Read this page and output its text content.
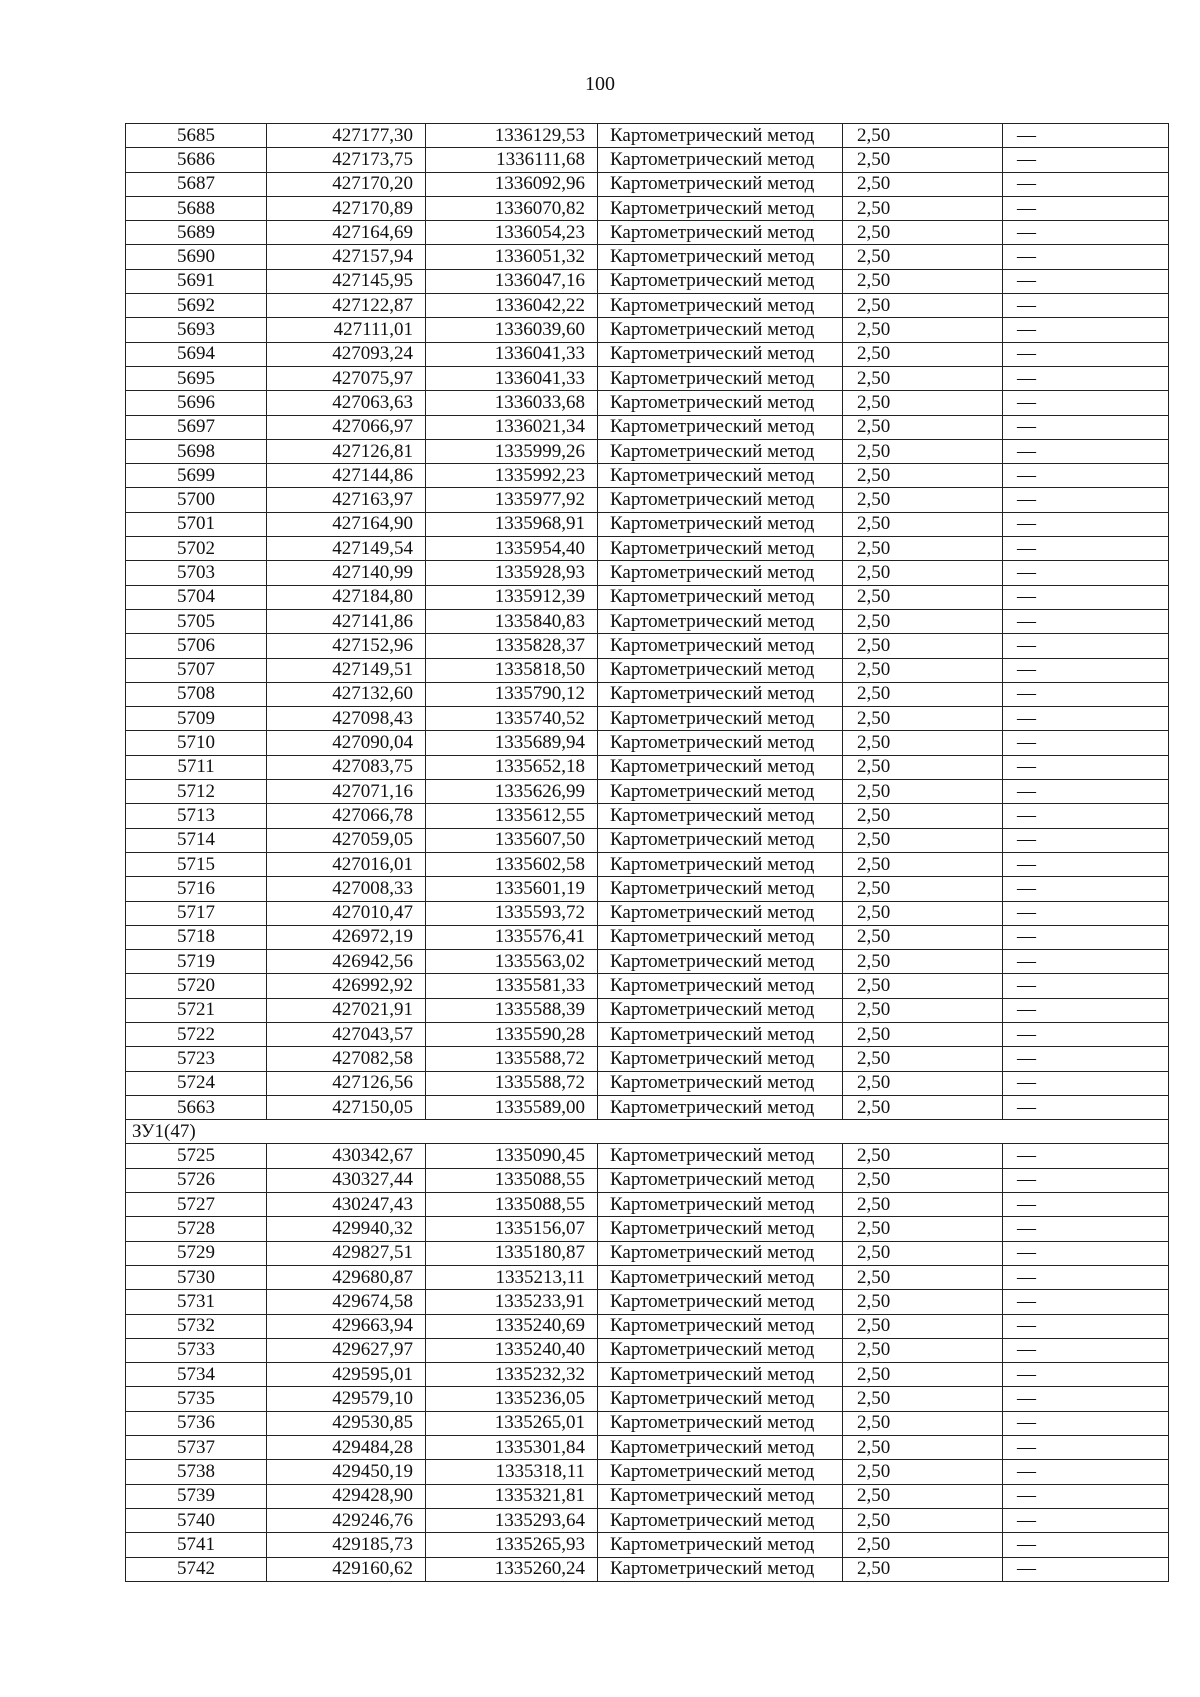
100
5685	427177,30	1336129,53	Картометрический метод	2,50	—
5686	427173,75	1336111,68	Картометрический метод	2,50	—
5687	427170,20	1336092,96	Картометрический метод	2,50	—
5688	427170,89	1336070,82	Картометрический метод	2,50	—
5689	427164,69	1336054,23	Картометрический метод	2,50	—
5690	427157,94	1336051,32	Картометрический метод	2,50	—
5691	427145,95	1336047,16	Картометрический метод	2,50	—
5692	427122,87	1336042,22	Картометрический метод	2,50	—
5693	427111,01	1336039,60	Картометрический метод	2,50	—
5694	427093,24	1336041,33	Картометрический метод	2,50	—
5695	427075,97	1336041,33	Картометрический метод	2,50	—
5696	427063,63	1336033,68	Картометрический метод	2,50	—
5697	427066,97	1336021,34	Картометрический метод	2,50	—
5698	427126,81	1335999,26	Картометрический метод	2,50	—
5699	427144,86	1335992,23	Картометрический метод	2,50	—
5700	427163,97	1335977,92	Картометрический метод	2,50	—
5701	427164,90	1335968,91	Картометрический метод	2,50	—
5702	427149,54	1335954,40	Картометрический метод	2,50	—
5703	427140,99	1335928,93	Картометрический метод	2,50	—
5704	427184,80	1335912,39	Картометрический метод	2,50	—
5705	427141,86	1335840,83	Картометрический метод	2,50	—
5706	427152,96	1335828,37	Картометрический метод	2,50	—
5707	427149,51	1335818,50	Картометрический метод	2,50	—
5708	427132,60	1335790,12	Картометрический метод	2,50	—
5709	427098,43	1335740,52	Картометрический метод	2,50	—
5710	427090,04	1335689,94	Картометрический метод	2,50	—
5711	427083,75	1335652,18	Картометрический метод	2,50	—
5712	427071,16	1335626,99	Картометрический метод	2,50	—
5713	427066,78	1335612,55	Картометрический метод	2,50	—
5714	427059,05	1335607,50	Картометрический метод	2,50	—
5715	427016,01	1335602,58	Картометрический метод	2,50	—
5716	427008,33	1335601,19	Картометрический метод	2,50	—
5717	427010,47	1335593,72	Картометрический метод	2,50	—
5718	426972,19	1335576,41	Картометрический метод	2,50	—
5719	426942,56	1335563,02	Картометрический метод	2,50	—
5720	426992,92	1335581,33	Картометрический метод	2,50	—
5721	427021,91	1335588,39	Картометрический метод	2,50	—
5722	427043,57	1335590,28	Картометрический метод	2,50	—
5723	427082,58	1335588,72	Картометрический метод	2,50	—
5724	427126,56	1335588,72	Картометрический метод	2,50	—
5663	427150,05	1335589,00	Картометрический метод	2,50	—
ЗУ1(47)					
5725	430342,67	1335090,45	Картометрический метод	2,50	—
5726	430327,44	1335088,55	Картометрический метод	2,50	—
5727	430247,43	1335088,55	Картометрический метод	2,50	—
5728	429940,32	1335156,07	Картометрический метод	2,50	—
5729	429827,51	1335180,87	Картометрический метод	2,50	—
5730	429680,87	1335213,11	Картометрический метод	2,50	—
5731	429674,58	1335233,91	Картометрический метод	2,50	—
5732	429663,94	1335240,69	Картометрический метод	2,50	—
5733	429627,97	1335240,40	Картометрический метод	2,50	—
5734	429595,01	1335232,32	Картометрический метод	2,50	—
5735	429579,10	1335236,05	Картометрический метод	2,50	—
5736	429530,85	1335265,01	Картометрический метод	2,50	—
5737	429484,28	1335301,84	Картометрический метод	2,50	—
5738	429450,19	1335318,11	Картометрический метод	2,50	—
5739	429428,90	1335321,81	Картометрический метод	2,50	—
5740	429246,76	1335293,64	Картометрический метод	2,50	—
5741	429185,73	1335265,93	Картометрический метод	2,50	—
5742	429160,62	1335260,24	Картометрический метод	2,50	—
